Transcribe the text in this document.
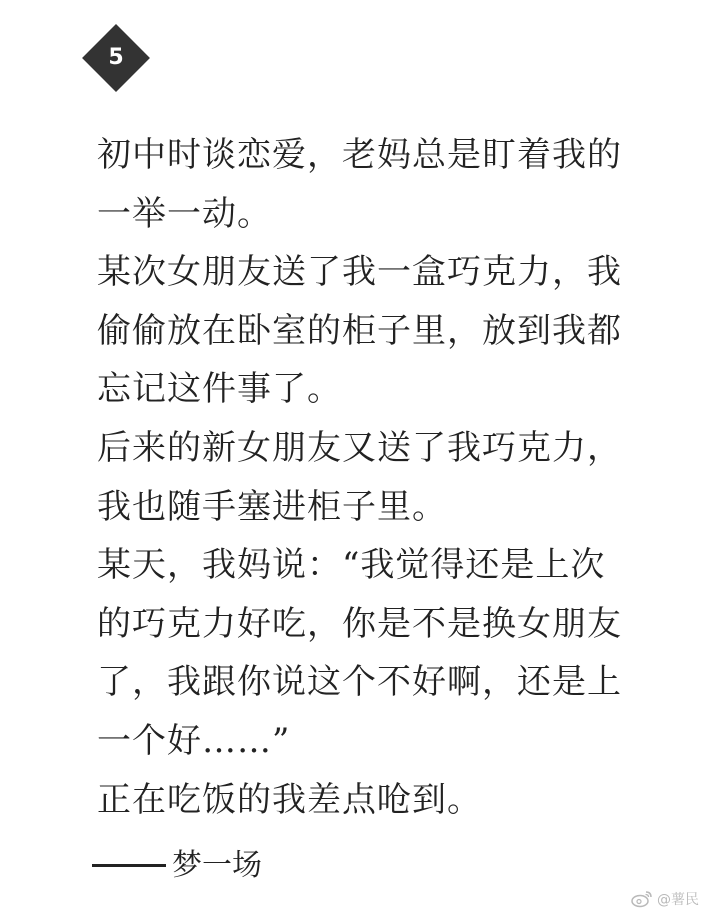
5
初中时谈恋爱，老妈总是盯着我的
一举一动。
某次女朋友送了我一盒巧克力，我
偷偷放在卧室的柜子里，放到我都
忘记这件事了。
后来的新女朋友又送了我巧克力，
我也随手塞进柜子里。
某天，我妈说：“我觉得还是上次
的巧克力好吃，你是不是换女朋友
了，我跟你说这个不好啊，还是上
一个好……”
正在吃饭的我差点呛到。
梦一场
@薯民
